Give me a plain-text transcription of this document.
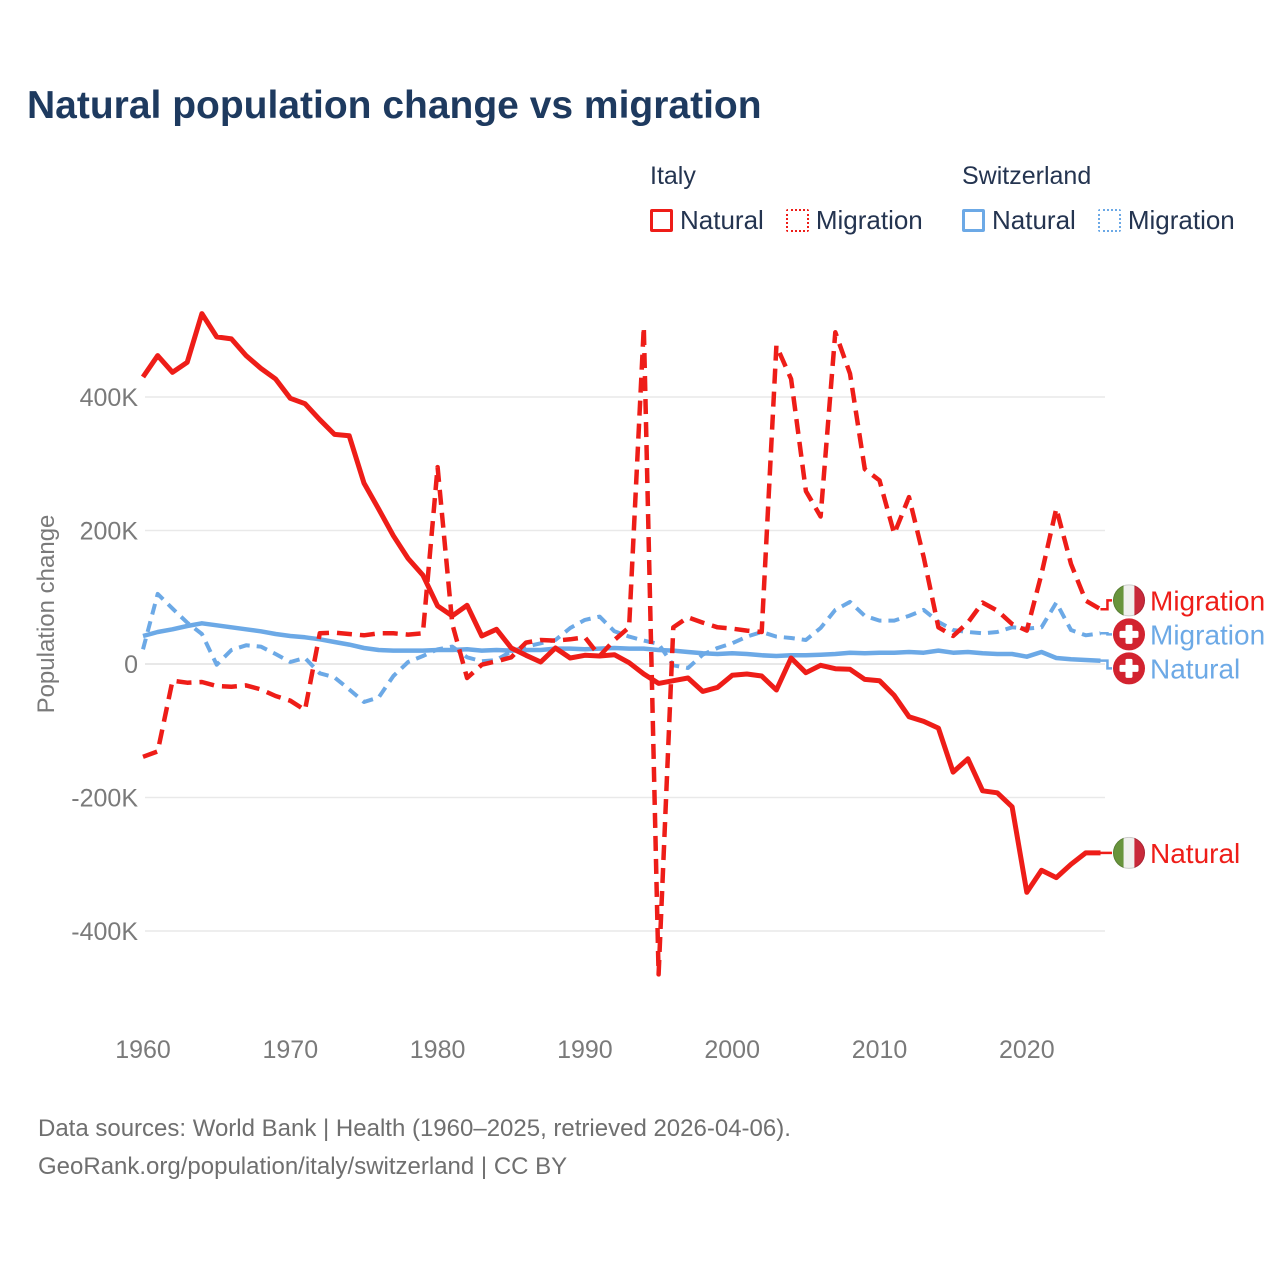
Natural population change vs migration
Italy
Natural Migration
Switzerland
Natural Migration
400K
200K
0
-200K
-400K
1960	1970	1980	1990	2000	2010	2020
Migration
Migration
Natural
Natural
Population change
Data sources: World Bank | Health (1960–2025, retrieved 2026-04-06).
GeoRank.org/population/italy/switzerland | CC BY
